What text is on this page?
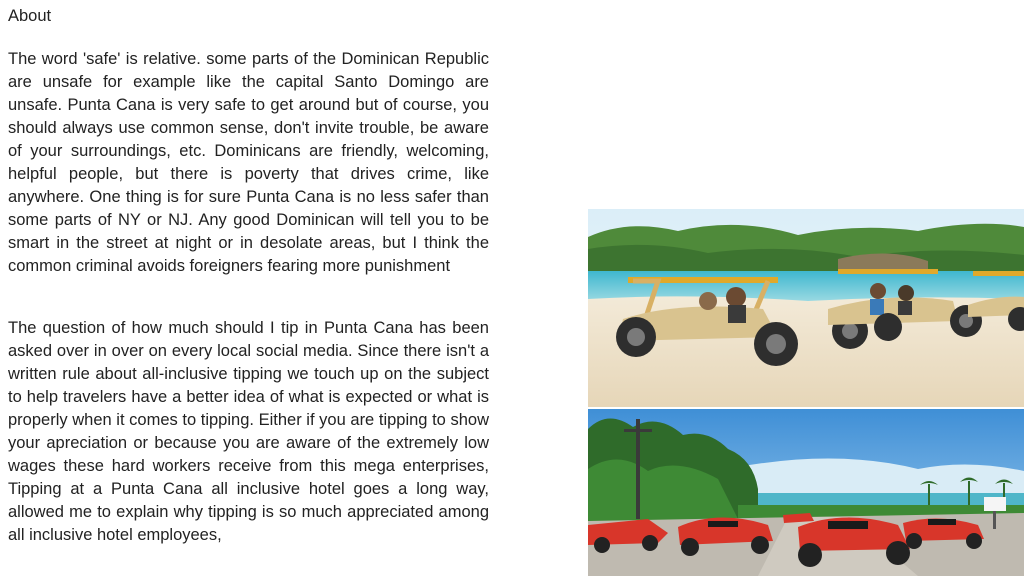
About
The word 'safe' is relative. some parts of the Dominican Republic are unsafe for example like the capital Santo Domingo are unsafe. Punta Cana is very safe to get around but of course, you should always use common sense, don't invite trouble, be aware of your surroundings, etc. Dominicans are friendly, welcoming, helpful people, but there is poverty that drives crime, like anywhere. One thing is for sure Punta Cana is no less safer than some parts of NY or NJ. Any good Dominican will tell you to be smart in the street at night or in desolate areas, but I think the common criminal avoids foreigners fearing more punishment
The question of how much should I tip in Punta Cana has been asked over in over on every local social media. Since there isn't a written rule about all-inclusive tipping we touch up on the subject to help travelers have a better idea of what is expected or what is properly when it comes to tipping. Either if you are tipping to show your apreciation or because you are aware of the extremely low wages these hard workers receive from this mega enterprises, Tipping at a Punta Cana all inclusive hotel goes a long way, allowed me to explain why tipping is so much appreciated among all inclusive hotel employees,
